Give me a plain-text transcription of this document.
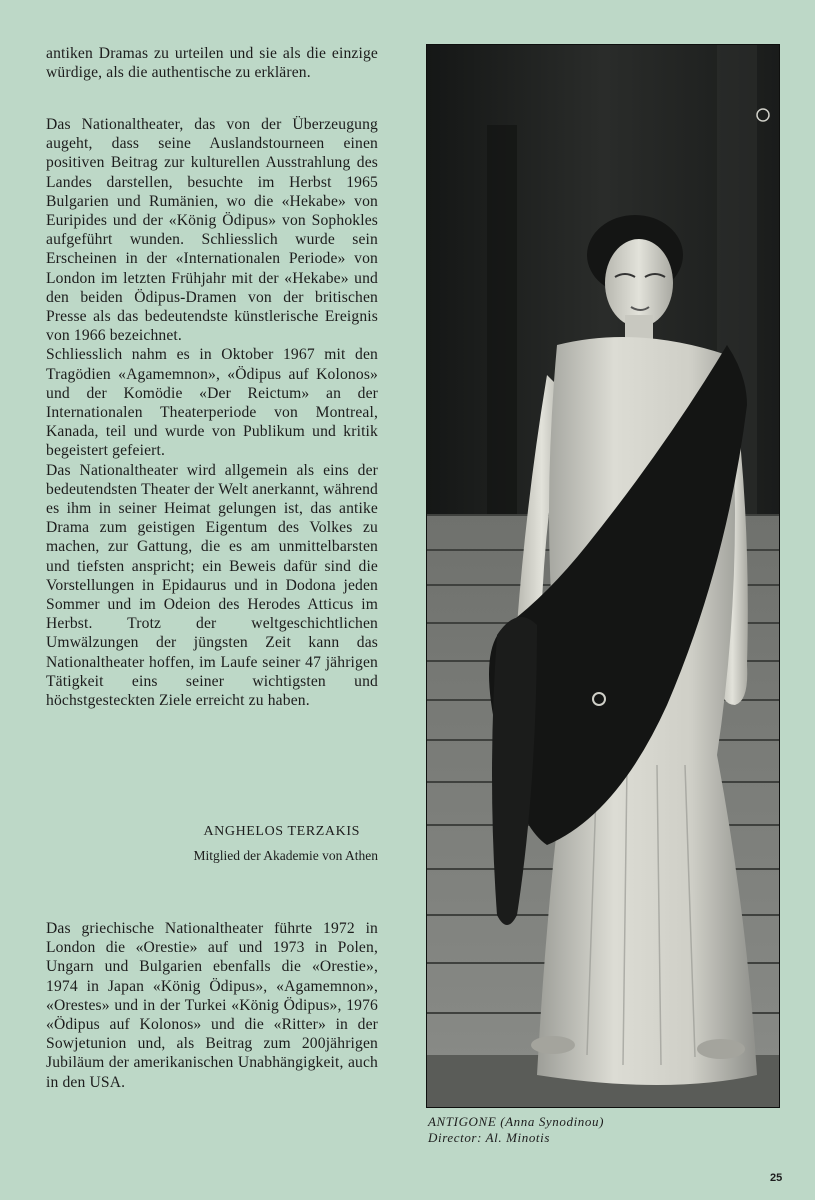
antiken Dramas zu urteilen und sie als die einzige würdige, als die authentische zu erklären.

Das Nationaltheater, das von der Überzeugung augeht, dass seine Auslandstourneen einen positiven Beitrag zur kulturellen Ausstrahlung des Landes darstellen, besuchte im Herbst 1965 Bulgarien und Rumänien, wo die «Hekabe» von Euripides und der «König Ödipus» von Sophokles aufgeführt wunden. Schliesslich wurde sein Erscheinen in der «Internationalen Periode» von London im letzten Frühjahr mit der «Hekabe» und den beiden Ödipus-Dramen von der britischen Presse als das bedeutendste künstlerische Ereignis von 1966 bezeichnet.

Schliesslich nahm es in Oktober 1967 mit den Tragödien «Agamemnon», «Ödipus auf Kolonos» und der Komödie «Der Reictum» an der Internationalen Theaterperiode von Montreal, Kanada, teil und wurde von Publikum und kritik begeistert gefeiert.

Das Nationaltheater wird allgemein als eins der bedeutendsten Theater der Welt anerkannt, während es ihm in seiner Heimat gelungen ist, das antike Drama zum geistigen Eigentum des Volkes zu machen, zur Gattung, die es am unmittelbarsten und tiefsten anspricht; ein Beweis dafür sind die Vorstellungen in Epidaurus und in Dodona jeden Sommer und im Odeion des Herodes Atticus im Herbst. Trotz der weltgeschichtlichen Umwälzungen der jüngsten Zeit kann das Nationaltheater hoffen, im Laufe seiner 47 jährigen Tätigkeit eins seiner wichtigsten und höchstgesteckten Ziele erreicht zu haben.

ANGHELOS TERZAKIS
Mitglied der Akademie von Athen

Das griechische Nationaltheater führte 1972 in London die «Orestie» auf und 1973 in Polen, Ungarn und Bulgarien ebenfalls die «Orestie», 1974 in Japan «König Ödipus», «Agamemnon», «Orestes» und in der Turkei «König Ödipus», 1976 «Ödipus auf Kolonos» und die «Ritter» in der Sowjetunion und, als Beitrag zum 200jährigen Jubiläum der amerikanischen Unabhängigkeit, auch in den USA.

ANTIGONE (Anna Synodinou)
Director: Al. Minotis
25
